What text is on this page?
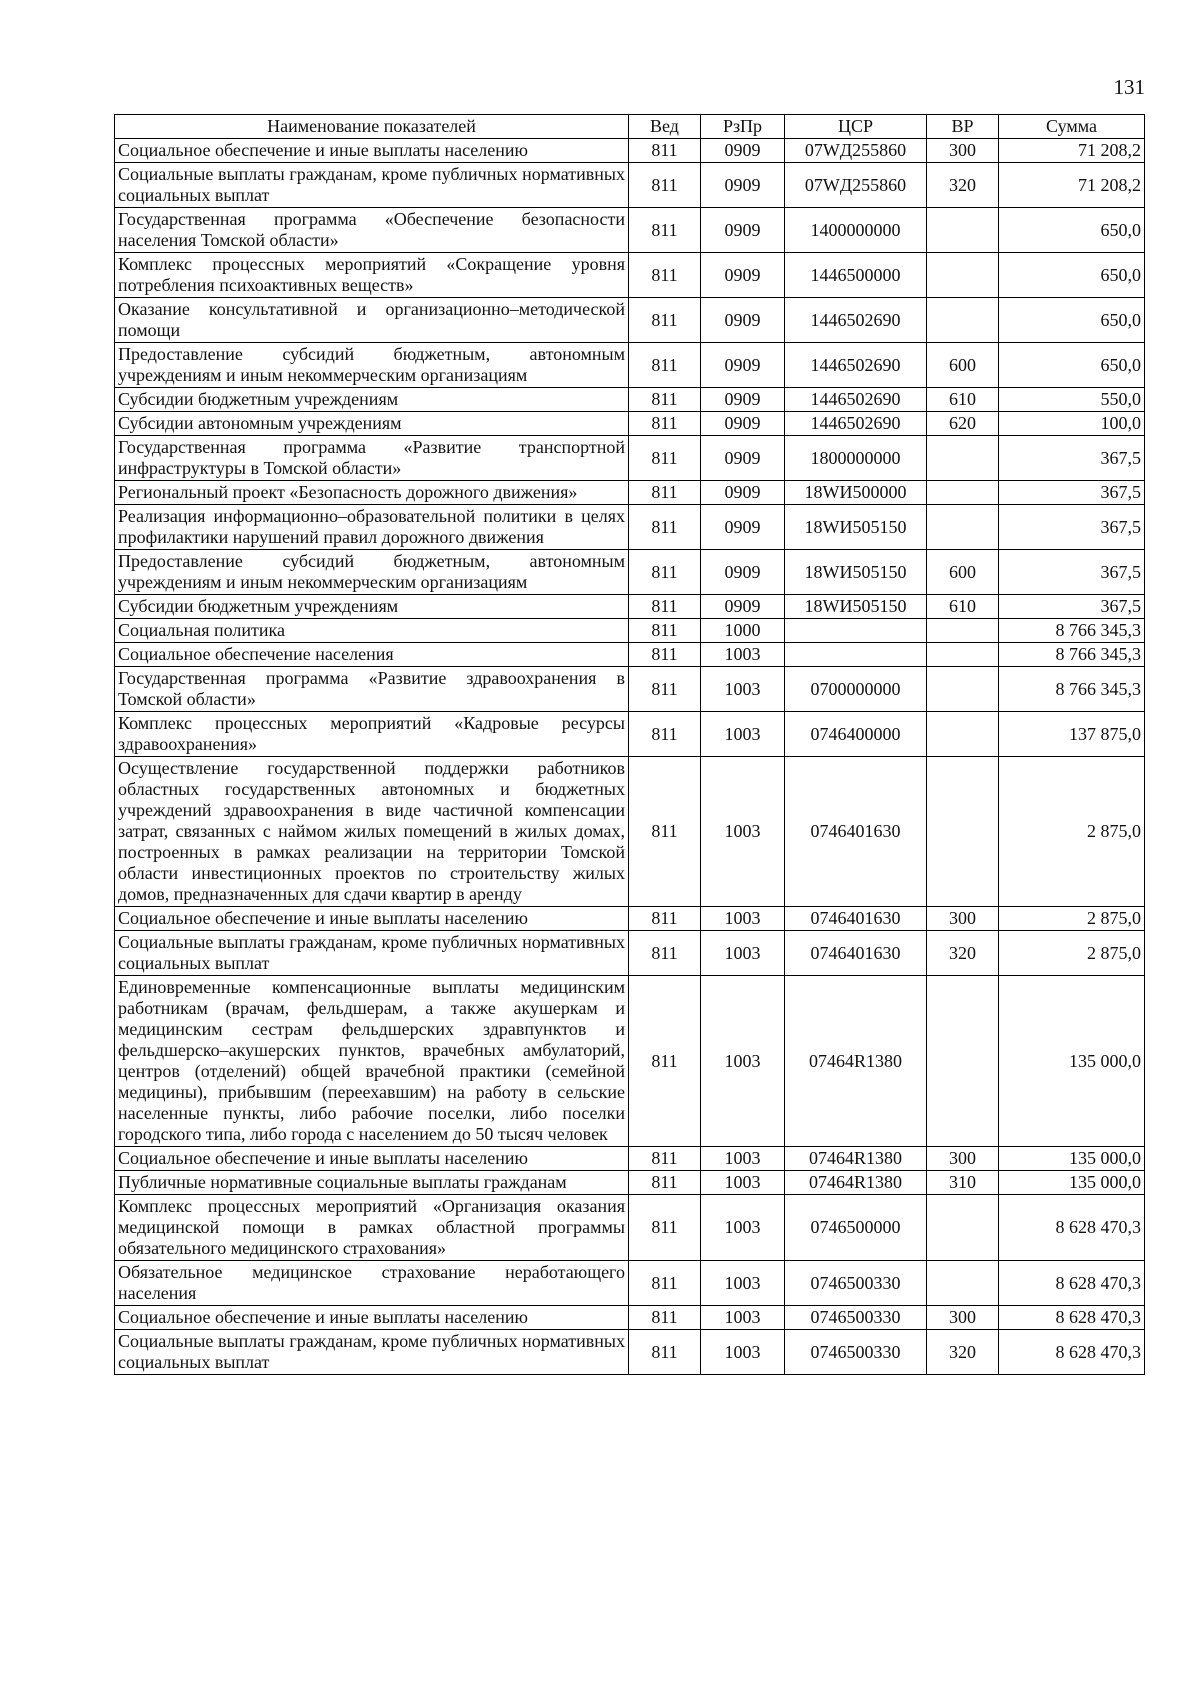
131
Наименование показателей	Вед	РзПр	ЦСР	ВР	Сумма
Социальное обеспечение и иные выплаты населению	811	0909	07WД255860	300	71 208,2
Социальные выплаты гражданам, кроме публичных нормативных социальных выплат	811	0909	07WД255860	320	71 208,2
Государственная программа «Обеспечение безопасности населения Томской области»	811	0909	1400000000		650,0
Комплекс процессных мероприятий «Сокращение уровня потребления психоактивных веществ»	811	0909	1446500000		650,0
Оказание консультативной и организационно–методической помощи	811	0909	1446502690		650,0
Предоставление субсидий бюджетным, автономным учреждениям и иным некоммерческим организациям	811	0909	1446502690	600	650,0
Субсидии бюджетным учреждениям	811	0909	1446502690	610	550,0
Субсидии автономным учреждениям	811	0909	1446502690	620	100,0
Государственная программа «Развитие транспортной инфраструктуры в Томской области»	811	0909	1800000000		367,5
Региональный проект «Безопасность дорожного движения»	811	0909	18WИ500000		367,5
Реализация информационно–образовательной политики в целях профилактики нарушений правил дорожного движения	811	0909	18WИ505150		367,5
Предоставление субсидий бюджетным, автономным учреждениям и иным некоммерческим организациям	811	0909	18WИ505150	600	367,5
Субсидии бюджетным учреждениям	811	0909	18WИ505150	610	367,5
Социальная политика	811	1000			8 766 345,3
Социальное обеспечение населения	811	1003			8 766 345,3
Государственная программа «Развитие здравоохранения в Томской области»	811	1003	0700000000		8 766 345,3
Комплекс процессных мероприятий «Кадровые ресурсы здравоохранения»	811	1003	0746400000		137 875,0
Осуществление государственной поддержки работников областных государственных автономных и бюджетных учреждений здравоохранения в виде частичной компенсации затрат, связанных с наймом жилых помещений в жилых домах, построенных в рамках реализации на территории Томской области инвестиционных проектов по строительству жилых домов, предназначенных для сдачи квартир в аренду	811	1003	0746401630		2 875,0
Социальное обеспечение и иные выплаты населению	811	1003	0746401630	300	2 875,0
Социальные выплаты гражданам, кроме публичных нормативных социальных выплат	811	1003	0746401630	320	2 875,0
Единовременные компенсационные выплаты медицинским работникам (врачам, фельдшерам, а также акушеркам и медицинским сестрам фельдшерских здравпунктов и фельдшерско–акушерских пунктов, врачебных амбулаторий, центров (отделений) общей врачебной практики (семейной медицины), прибывшим (переехавшим) на работу в сельские населенные пункты, либо рабочие поселки, либо поселки городского типа, либо города с населением до 50 тысяч человек	811	1003	07464R1380		135 000,0
Социальное обеспечение и иные выплаты населению	811	1003	07464R1380	300	135 000,0
Публичные нормативные социальные выплаты гражданам	811	1003	07464R1380	310	135 000,0
Комплекс процессных мероприятий «Организация оказания медицинской помощи в рамках областной программы обязательного медицинского страхования»	811	1003	0746500000		8 628 470,3
Обязательное медицинское страхование неработающего населения	811	1003	0746500330		8 628 470,3
Социальное обеспечение и иные выплаты населению	811	1003	0746500330	300	8 628 470,3
Социальные выплаты гражданам, кроме публичных нормативных социальных выплат	811	1003	0746500330	320	8 628 470,3
